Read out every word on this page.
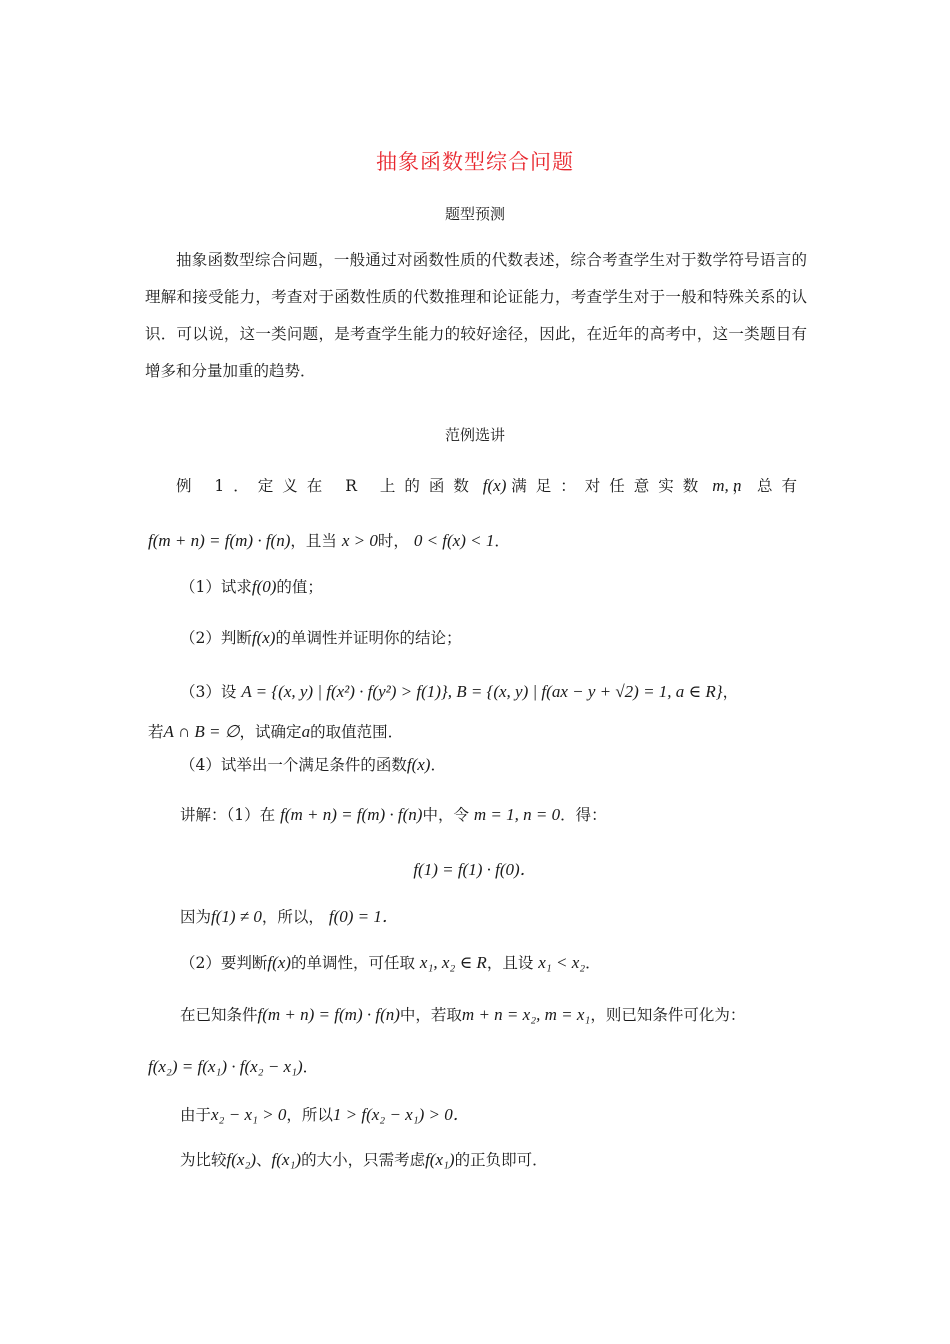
抽象函数型综合问题
题型预测
抽象函数型综合问题，一般通过对函数性质的代数表述，综合考查学生对于数学符号语言的理解和接受能力，考查对于函数性质的代数推理和论证能力，考查学生对于一般和特殊关系的认识．可以说，这一类问题，是考查学生能力的较好途径，因此，在近年的高考中，这一类题目有增多和分量加重的趋势．
范例选讲
例 1．定义在 R 上的函数 f(x) 满足：对任意实数 m, n
，总有
f(m + n) = f(m) · f(n)，且当 x > 0时， 0 < f(x) < 1．
（1）试求f(0)的值；
（2）判断f(x)的单调性并证明你的结论；
（3）设 A = {(x, y) | f(x²) · f(y²) > f(1)}, B = {(x, y) | f(ax − y + √2) = 1, a ∈ R}，
若A ∩ B = ∅，试确定a的取值范围．
（4）试举出一个满足条件的函数f(x)．
讲解：（1）在 f(m + n) = f(m) · f(n)中，令 m = 1, n = 0．得：
f(1) = f(1) · f(0)．
因为f(1) ≠ 0，所以， f(0) = 1．
（2）要判断f(x)的单调性，可任取 x₁, x₂ ∈ R，且设 x₁ < x₂．
在已知条件f(m + n) = f(m) · f(n)中，若取m + n = x₂, m = x₁，则已知条件可化为：
f(x₂) = f(x₁) · f(x₂ − x₁)．
由于x₂ − x₁ > 0，所以1 > f(x₂ − x₁) > 0．
为比较f(x₂)、f(x₁)的大小，只需考虑f(x₁)的正负即可．
